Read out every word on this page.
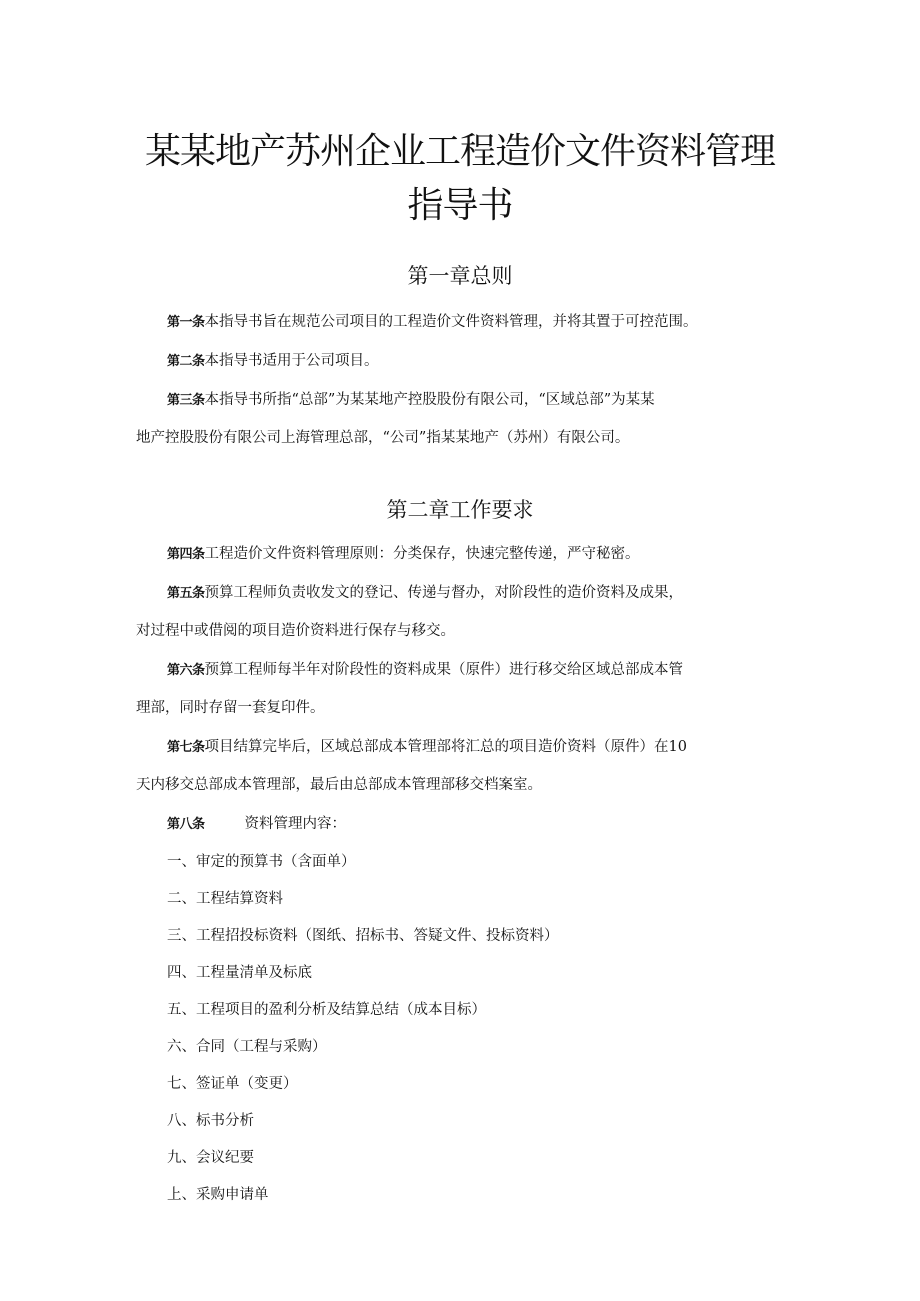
某某地产苏州企业工程造价文件资料管理
指导书
第一章总则
第一条本指导书旨在规范公司项目的工程造价文件资料管理，并将其置于可控范围。
第二条本指导书适用于公司项目。
第三条本指导书所指“总部”为某某地产控股股份有限公司，“区域总部”为某某
地产控股股份有限公司上海管理总部，“公司”指某某地产（苏州）有限公司。
第二章工作要求
第四条工程造价文件资料管理原则：分类保存，快速完整传递，严守秘密。
第五条预算工程师负责收发文的登记、传递与督办，对阶段性的造价资料及成果，
对过程中或借阅的项目造价资料进行保存与移交。
第六条预算工程师每半年对阶段性的资料成果（原件）进行移交给区域总部成本管
理部，同时存留一套复印件。
第七条项目结算完毕后，区域总部成本管理部将汇总的项目造价资料（原件）在10
天内移交总部成本管理部，最后由总部成本管理部移交档案室。
第八条	资料管理内容：
一、审定的预算书（含面单）
二、工程结算资料
三、工程招投标资料（图纸、招标书、答疑文件、投标资料）
四、工程量清单及标底
五、工程项目的盈利分析及结算总结（成本目标）
六、合同（工程与采购）
七、签证单（变更）
八、标书分析
九、会议纪要
上、采购申请单
